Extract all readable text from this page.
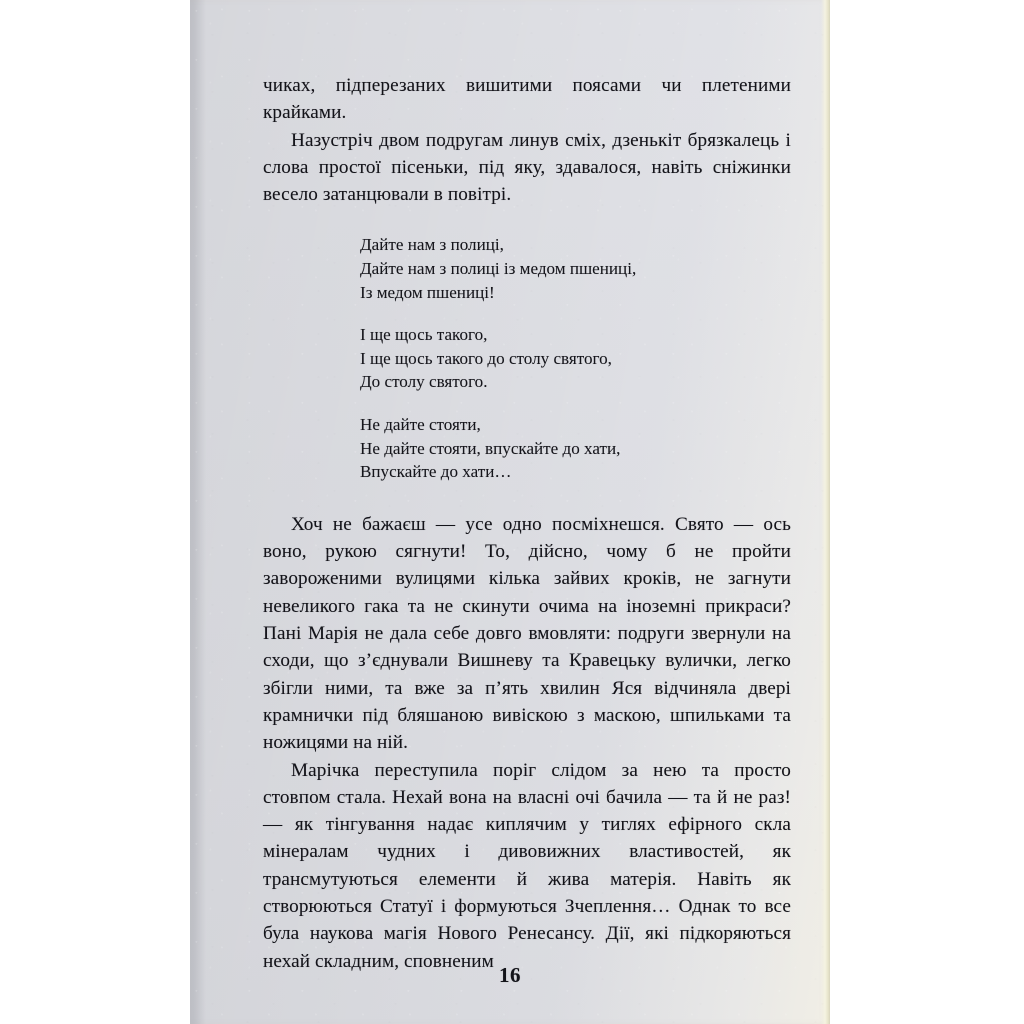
чиках, підперезаних вишитими поясами чи плетеними крайками.

Назустріч двом подругам линув сміх, дзенькіт брязкалець і слова простої пісеньки, під яку, здавалося, навіть сніжинки весело затанцювали в повітрі.

Дайте нам з полиці,
Дайте нам з полиці із медом пшениці,
Із медом пшениці!
І ще щось такого,
І ще щось такого до столу святого,
До столу святого.
Не дайте стояти,
Не дайте стояти, впускайте до хати,
Впускайте до хати…

Хоч не бажаєш — усе одно посміхнешся. Свято — ось воно, рукою сягнути! То, дійсно, чому б не пройти завороженими вулицями кілька зайвих кроків, не загнути невеликого гака та не скинути очима на іноземні прикраси? Пані Марія не дала себе довго вмовляти: подруги звернули на сходи, що з’єднували Вишневу та Кравецьку вулички, легко збігли ними, та вже за п’ять хвилин Яся відчиняла двері крамнички під бляшаною вивіскою з маскою, шпильками та ножицями на ній.

Марічка переступила поріг слідом за нею та просто стовпом стала. Нехай вона на власні очі бачила — та й не раз! — як тінгування надає киплячим у тиглях ефірного скла мінералам чудних і дивовижних властивостей, як трансмутуються елементи й жива матерія. Навіть як створюються Статуї і формуються Зчеплення… Однак то все була наукова магія Нового Ренесансу. Дії, які підкоряються нехай складним, сповненим

16
